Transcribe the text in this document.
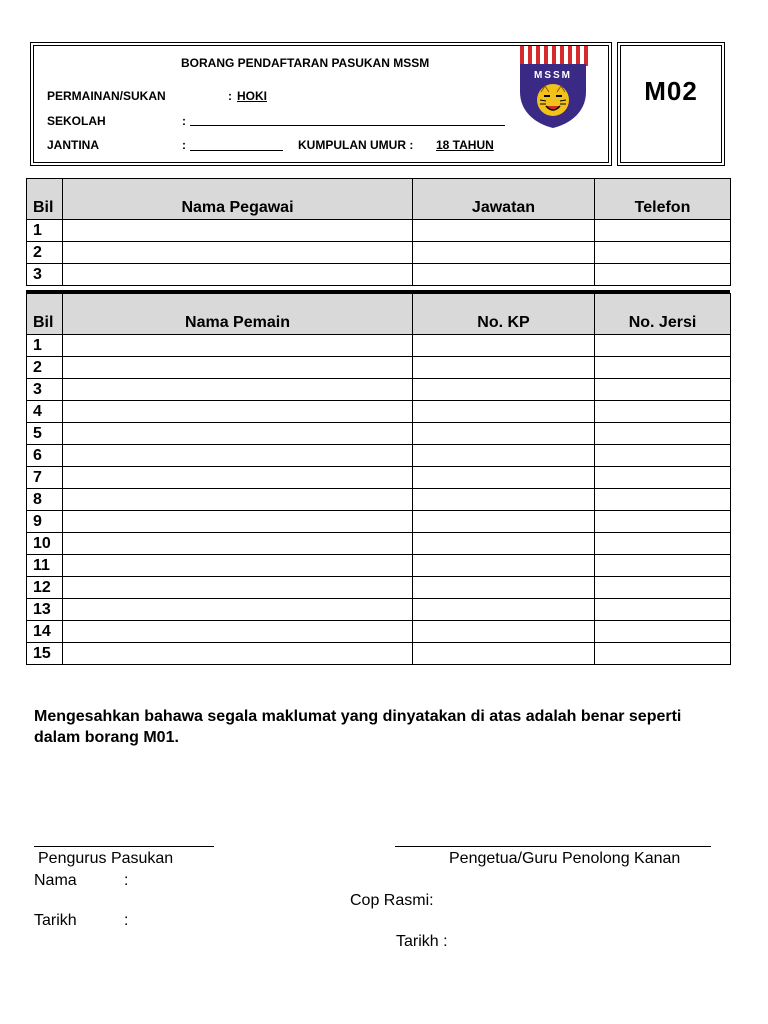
M02
BORANG PENDAFTARAN PASUKAN MSSM
PERMAINAN/SUKAN	: HOKI
SEKOLAH	:
JANTINA	:	KUMPULAN UMUR : 18 TAHUN
MSSM
Bil	Nama Pegawai	Jawatan	Telefon
1			
2			
3			
Bil	Nama Pemain	No. KP	No. Jersi
1			
2			
3			
4			
5			
6			
7			
8			
9			
10			
11			
12			
13			
14			
15			
Mengesahkan bahawa segala maklumat yang dinyatakan di atas adalah benar seperti dalam borang M01.
Pengurus Pasukan
Nama	:
Tarikh	:
Pengetua/Guru Penolong Kanan
Cop Rasmi:
Tarikh :
